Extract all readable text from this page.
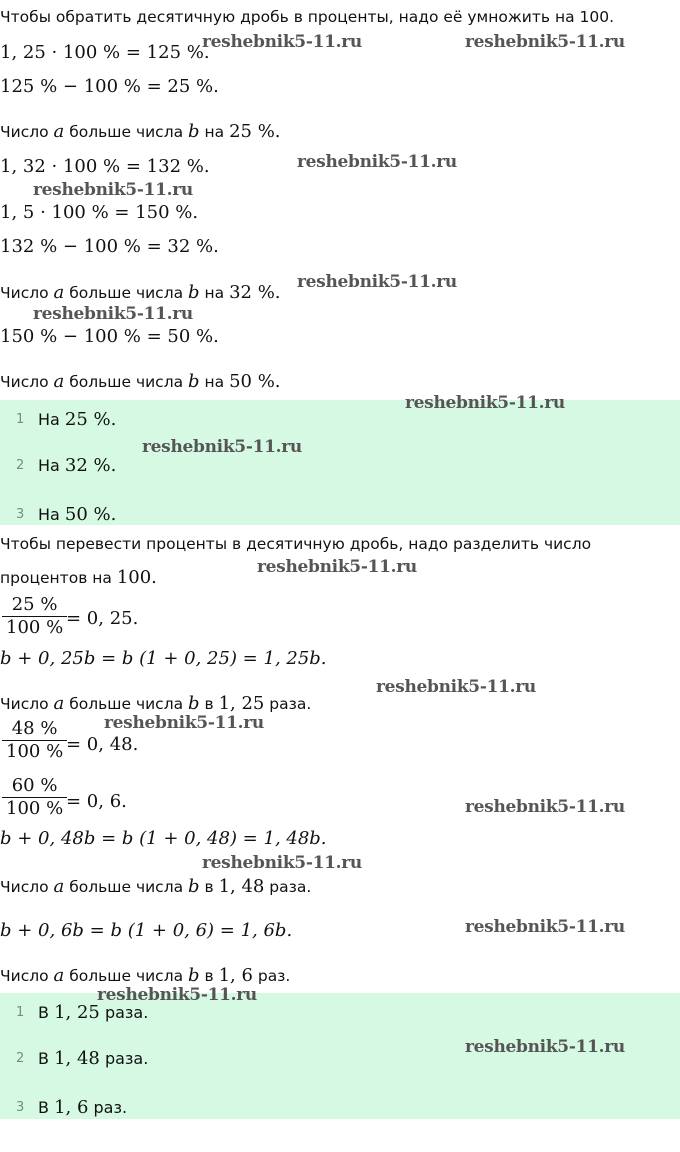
Чтобы обратить десятичную дробь в проценты, надо её умножить на 100.
1, 25 · 100 % = 125 %.
125 % − 100 % = 25 %.
Число a больше числа b на 25 %.
1, 32 · 100 % = 132 %.
1, 5 · 100 % = 150 %.
132 % − 100 % = 32 %.
Число a больше числа b на 32 %.
150 % − 100 % = 50 %.
Число a больше числа b на 50 %.
1 На 25 %.
2 На 32 %.
3 На 50 %.
Чтобы перевести проценты в десятичную дробь, надо разделить число
процентов на 100.
25 %
100 % = 0, 25.
b + 0, 25b = b (1 + 0, 25) = 1, 25b.
Число a больше числа b в 1, 25 раза.
48 %
100 % = 0, 48.
60 %
100 % = 0, 6.
b + 0, 48b = b (1 + 0, 48) = 1, 48b.
Число a больше числа b в 1, 48 раза.
b + 0, 6b = b (1 + 0, 6) = 1, 6b.
Число a больше числа b в 1, 6 раз.
1 В 1, 25 раза.
2 В 1, 48 раза.
3 В 1, 6 раз.
reshebnik5-11.ru	reshebnik5-11.ru
reshebnik5-11.ru
reshebnik5-11.ru
reshebnik5-11.ru
reshebnik5-11.ru
reshebnik5-11.ru
reshebnik5-11.ru
reshebnik5-11.ru
reshebnik5-11.ru
reshebnik5-11.ru
reshebnik5-11.ru
reshebnik5-11.ru
reshebnik5-11.ru
reshebnik5-11.ru
reshebnik5-11.ru
